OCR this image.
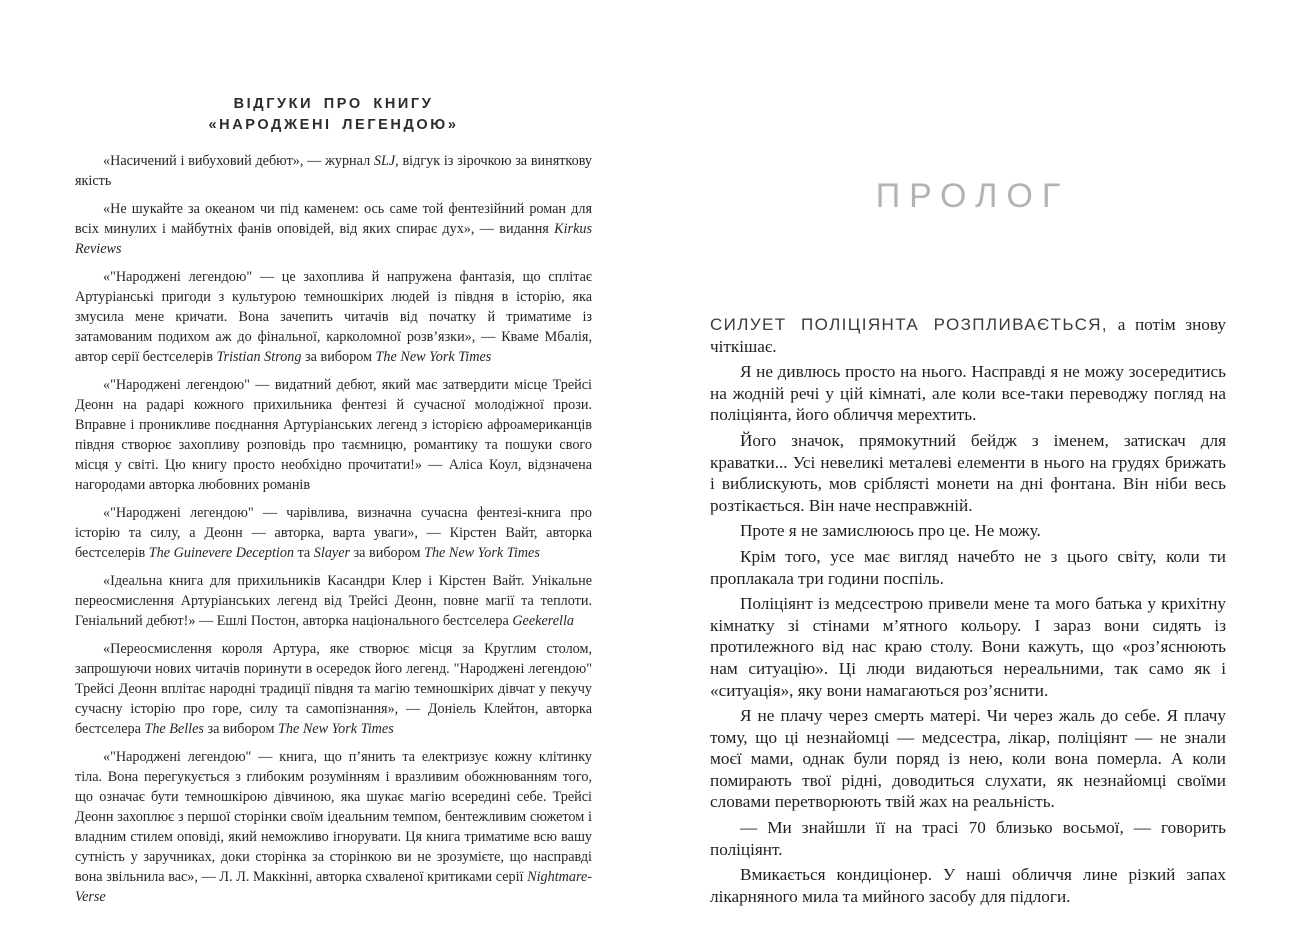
ВІДГУКИ ПРО КНИГУ
«НАРОДЖЕНІ ЛЕГЕНДОЮ»

«Насичений і вибуховий дебют», — журнал SLJ, відгук із зірочкою за виняткову якість

«Не шукайте за океаном чи під каменем: ось саме той фентезійний роман для всіх минулих і майбутніх фанів оповідей, від яких спирає дух», — видання Kirkus Reviews

«"Народжені легендою" — це захоплива й напружена фантазія, що сплітає Артуріанські пригоди з культурою темношкірих людей із півдня в історію, яка змусила мене кричати. Вона зачепить читачів від початку й триматиме із затамованим подихом аж до фінальної, карколомної розв’язки», — Кваме Мбалія, автор серії бестселерів Tristian Strong за вибором The New York Times

«"Народжені легендою" — видатний дебют, який має затвердити місце Трейсі Деонн на радарі кожного прихильника фентезі й сучасної молодіжної прози. Вправне і проникливе поєднання Артуріанських легенд з історією афроамериканців півдня створює захопливу розповідь про таємницю, романтику та пошуки свого місця у світі. Цю книгу просто необхідно прочитати!» — Аліса Коул, відзначена нагородами авторка любовних романів

«"Народжені легендою" — чарівлива, визначна сучасна фентезі-книга про історію та силу, а Деонн — авторка, варта уваги», — Кірстен Вайт, авторка бестселерів The Guinevere Deception та Slayer за вибором The New York Times

«Ідеальна книга для прихильників Касандри Клер і Кірстен Вайт. Унікальне переосмислення Артуріанських легенд від Трейсі Деонн, повне магії та теплоти. Геніальний дебют!» — Ешлі Постон, авторка національного бестселера Geekerella

«Переосмислення короля Артура, яке створює місця за Круглим столом, запрошуючи нових читачів поринути в осередок його легенд. "Народжені легендою" Трейсі Деонн вплітає народні традиції півдня та магію темношкірих дівчат у пекучу сучасну історію про горе, силу та самопізнання», — Доніель Клейтон, авторка бестселера The Belles за вибором The New York Times

«"Народжені легендою" — книга, що п’янить та електризує кожну клітинку тіла. Вона перегукується з глибоким розумінням і вразливим обожнюванням того, що означає бути темношкірою дівчиною, яка шукає магію всередині себе. Трейсі Деонн захоплює з першої сторінки своїм ідеальним темпом, бентежливим сюжетом і владним стилем оповіді, який неможливо ігнорувати. Ця книга триматиме всю вашу сутність у заручниках, доки сторінка за сторінкою ви не зрозумієте, що насправді вона звільнила вас», — Л. Л. Маккінні, авторка схваленої критиками серії Nightmare-Verse

ПРОЛОГ

СИЛУЕТ ПОЛІЦІЯНТА РОЗПЛИВАЄТЬСЯ, а потім знову чіткішає.

Я не дивлюсь просто на нього. Насправді я не можу зосередитись на жодній речі у цій кімнаті, але коли все-таки переводжу погляд на поліціянта, його обличчя мерехтить.

Його значок, прямокутний бейдж з іменем, затискач для краватки... Усі невеликі металеві елементи в нього на грудях брижать і виблискують, мов сріблясті монети на дні фонтана. Він ніби весь розтікається. Він наче несправжній.

Проте я не замислююсь про це. Не можу.

Крім того, усе має вигляд начебто не з цього світу, коли ти проплакала три години поспіль.

Поліціянт із медсестрою привели мене та мого батька у крихітну кімнатку зі стінами м’ятного кольору. І зараз вони сидять із протилежного від нас краю столу. Вони кажуть, що «роз’яснюють нам ситуацію». Ці люди видаються нереальними, так само як і «ситуація», яку вони намагаються роз’яснити.

Я не плачу через смерть матері. Чи через жаль до себе. Я плачу тому, що ці незнайомці — медсестра, лікар, поліціянт — не знали моєї мами, однак були поряд із нею, коли вона померла. А коли помирають твої рідні, доводиться слухати, як незнайомці своїми словами перетворюють твій жах на реальність.

— Ми знайшли її на трасі 70 близько восьмої, — говорить поліціянт.

Вмикається кондиціонер. У наші обличчя лине різкий запах лікарняного мила та мийного засобу для підлоги.
